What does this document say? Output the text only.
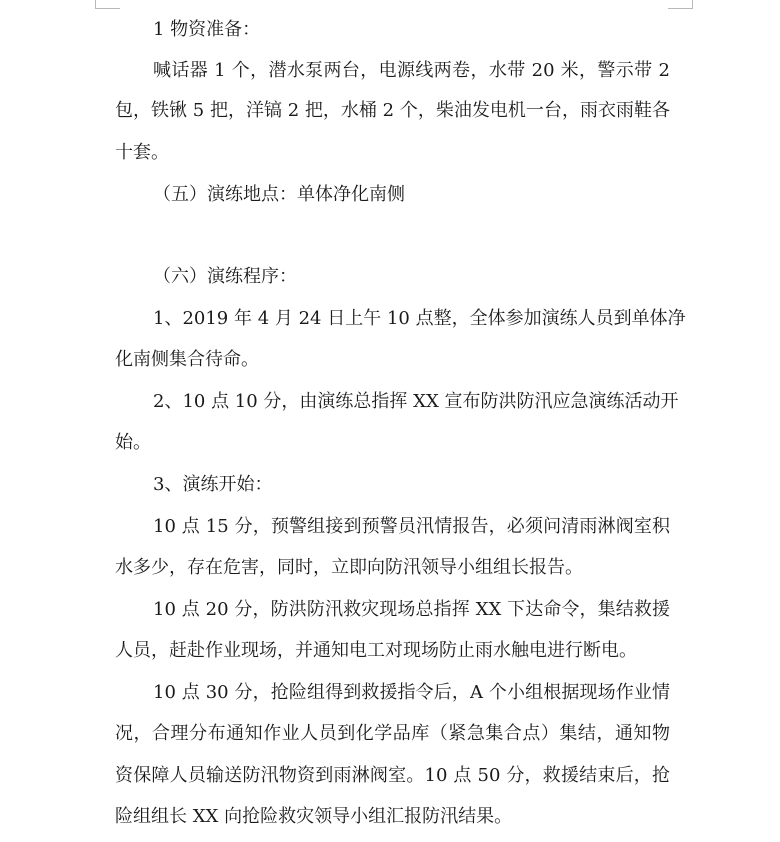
1 物资准备：
喊话器 1 个，潜水泵两台，电源线两卷，水带 20 米，警示带 2
包，铁锹 5 把，洋镐 2 把，水桶 2 个，柴油发电机一台，雨衣雨鞋各
十套。
（五）演练地点：单体净化南侧
（六）演练程序：
1、2019 年 4 月 24 日上午 10 点整，全体参加演练人员到单体净
化南侧集合待命。
2、10 点 10 分，由演练总指挥 XX 宣布防洪防汛应急演练活动开
始。
3、演练开始：
10 点 15 分，预警组接到预警员汛情报告，必须问清雨淋阀室积
水多少，存在危害，同时，立即向防汛领导小组组长报告。
10 点 20 分，防洪防汛救灾现场总指挥 XX 下达命令，集结救援
人员，赶赴作业现场，并通知电工对现场防止雨水触电进行断电。
10 点 30 分，抢险组得到救援指令后，A 个小组根据现场作业情
况，合理分布通知作业人员到化学品库（紧急集合点）集结，通知物
资保障人员输送防汛物资到雨淋阀室。10 点 50 分，救援结束后，抢
险组组长 XX 向抢险救灾领导小组汇报防汛结果。
